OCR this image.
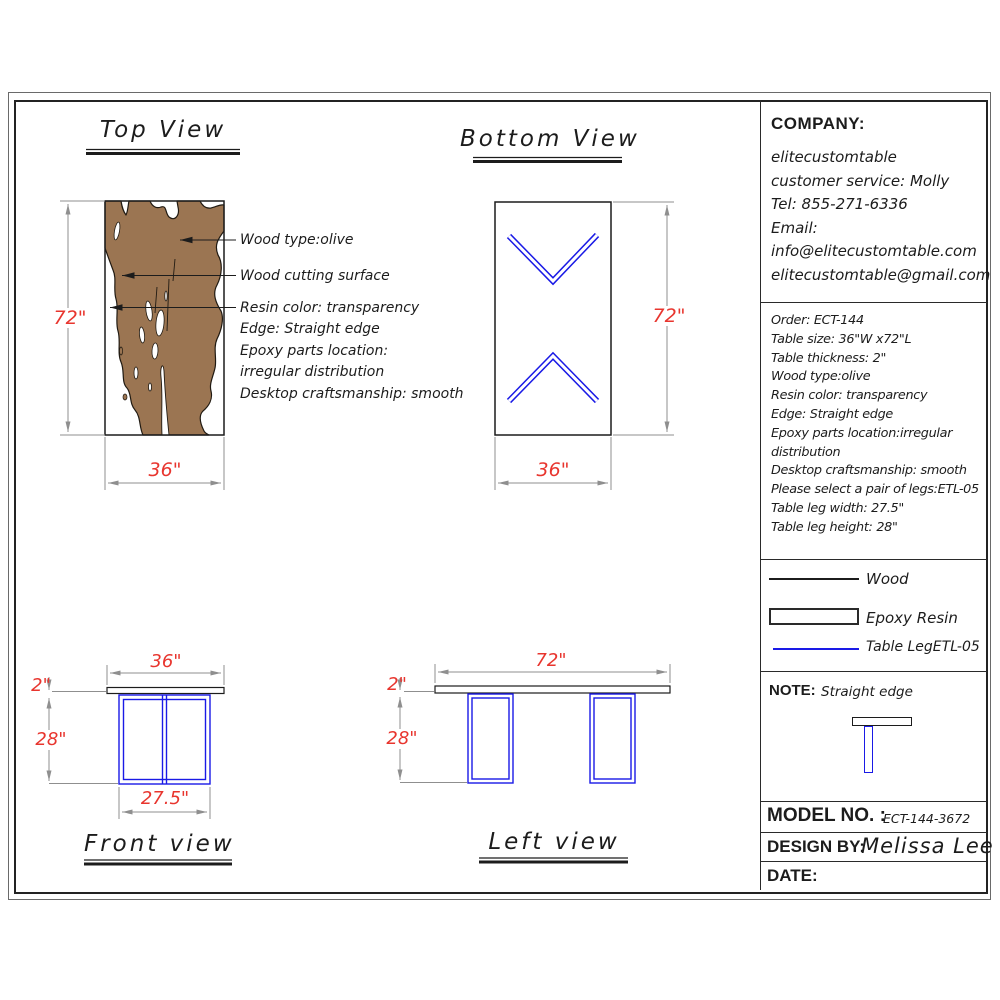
Top View	Bottom View
Front view	Left view
72"
36"
72"
36"
36"
2"
28"
27.5"
72"
2"
28"
Wood type:olive
Wood cutting surface
Resin color: transparency
Edge: Straight edge
Epoxy parts location:
irregular distribution
Desktop craftsmanship: smooth
COMPANY:
elitecustomtable
customer service: Molly
Tel: 855-271-6336
Email:
info@elitecustomtable.com
elitecustomtable@gmail.com
Order: ECT-144
Table size: 36"W x72"L
Table thickness: 2"
Wood type:olive
Resin color: transparency
Edge: Straight edge
Epoxy parts location:irregular
distribution
Desktop craftsmanship: smooth
Please select a pair of legs:ETL-05
Table leg width: 27.5"
Table leg height: 28"
Wood
Epoxy Resin
Table LegETL-05
NOTE: Straight edge
MODEL NO. :
ECT-144-3672
DESIGN BY:
Melissa Lee
DATE:
